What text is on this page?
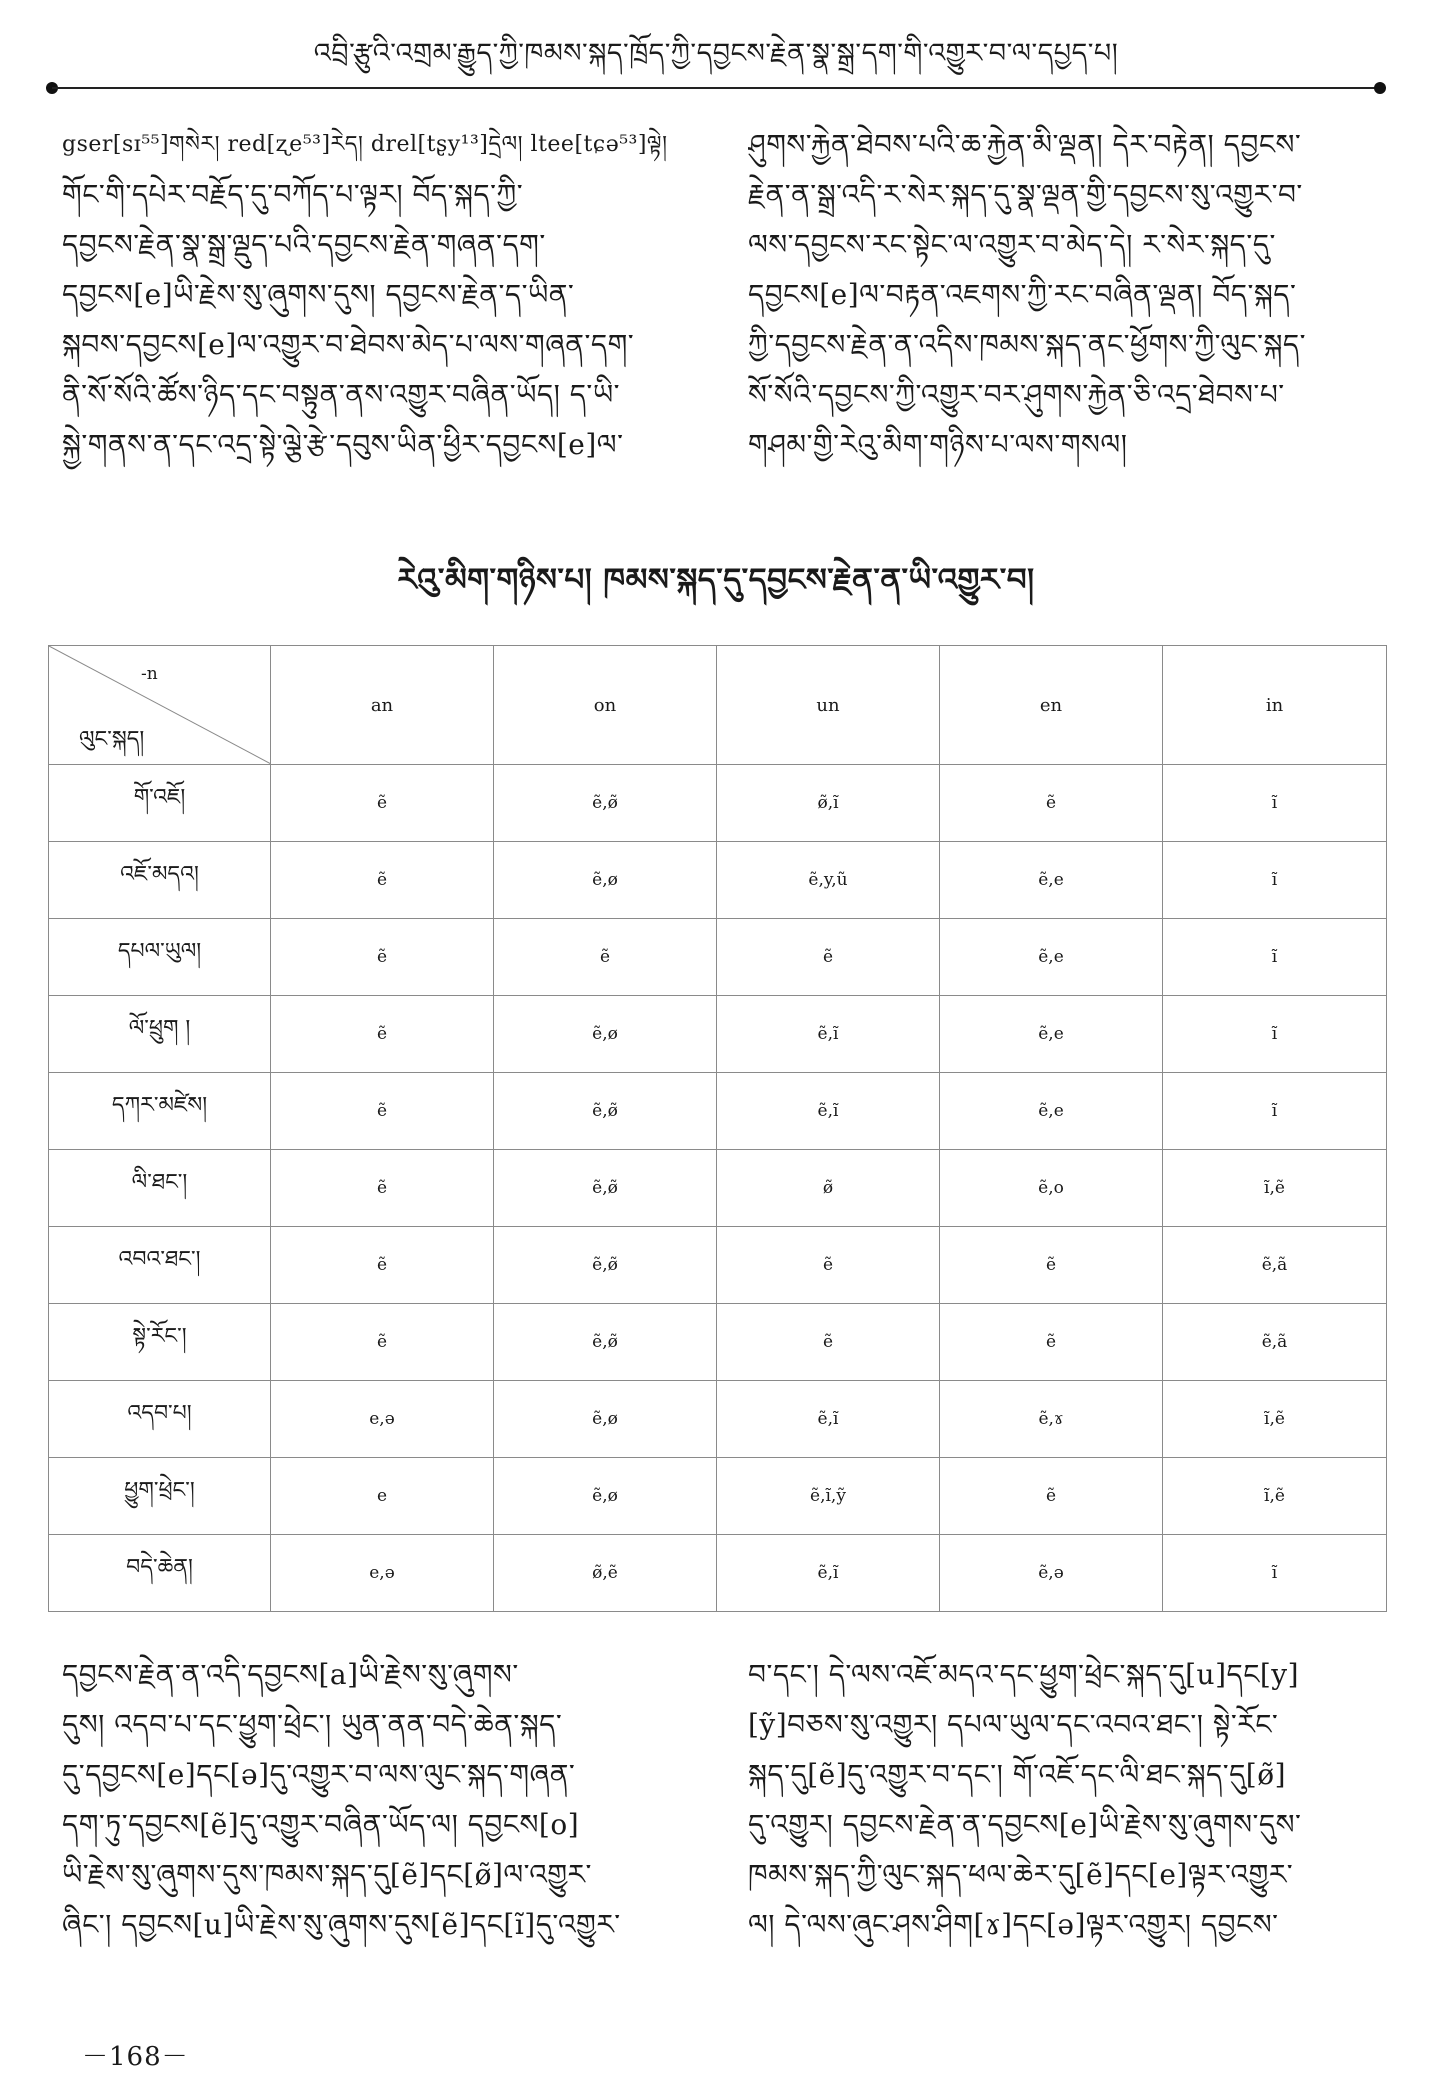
འབྲི་རྩུའི་འགྲམ་རྒྱུད་ཀྱི་ཁམས་སྐད་ཁྲོད་ཀྱི་དབྱངས་རྗེན་སྣ་སྒྲ་དག་གི་འགྱུར་བ་ལ་དཔྱད་པ།

gser[sɪ⁵⁵]གསེར། red[ʐe⁵³]རེད། drel[tʂy¹³]དྲེལ། ltee[tɕə⁵³]ལྟེ།

གོང་གི་དཔེར་བརྗོད་དུ་བཀོད་པ་ལྟར། བོད་སྐད་ཀྱི་

དབྱངས་རྗེན་སྣ་སྒྲ་ལྡུད་པའི་དབྱངས་རྗེན་གཞན་དག་

དབྱངས[e]ཡི་རྗེས་སུ་ཞུགས་དུས། དབྱངས་རྗེན་ད་ཡིན་

སྐབས་དབྱངས[e]ལ་འགྱུར་བ་ཐེབས་མེད་པ་ལས་གཞན་དག་

ནི་སོ་སོའི་ཚོས་ཉིད་དང་བསྟུན་ནས་འགྱུར་བཞིན་ཡོད། ད་ཡི་

སྐྱེ་གནས་ན་དང་འདྲ་སྟེ་ལྕེ་རྩེ་དབུས་ཡིན་ཕྱིར་དབྱངས[e]ལ་

ཤུགས་རྐྱེན་ཐེབས་པའི་ཆ་རྐྱེན་མི་ལྡན། དེར་བརྟེན། དབྱངས་

རྗེན་ན་སྒྲ་འདི་ར་སེར་སྐད་དུ་སྣ་ལྡན་གྱི་དབྱངས་སུ་འགྱུར་བ་

ལས་དབྱངས་རང་སྟེང་ལ་འགྱུར་བ་མེད་དེ། ར་སེར་སྐད་དུ་

དབྱངས[e]ལ་བརྟན་འཇགས་ཀྱི་རང་བཞིན་ལྡན། བོད་སྐད་

ཀྱི་དབྱངས་རྗེན་ན་འདིས་ཁམས་སྐད་ནང་ཕྱོགས་ཀྱི་ལུང་སྐད་

སོ་སོའི་དབྱངས་ཀྱི་འགྱུར་བར་ཤུགས་རྐྱེན་ཅི་འདྲ་ཐེབས་པ་

གཤམ་གྱི་རེའུ་མིག་གཉིས་པ་ལས་གསལ།

རེའུ་མིག་གཉིས་པ། ཁམས་སྐད་དུ་དབྱངས་རྗེན་ན་ཡི་འགྱུར་བ།
-n
ལུང་སྐད།	an	on	un	en	in
གོ་འཇོ།	ẽ	ẽ,ø̃	ø̃,ĩ	ẽ	ĩ
འཇོ་མདའ།	ẽ	ẽ,ø	ẽ,y,ũ	ẽ,e	ĩ
དཔལ་ཡུལ།	ẽ	ẽ	ẽ	ẽ,e	ĩ
ལོ་ཕྲུག །	ẽ	ẽ,ø	ẽ,ĩ	ẽ,e	ĩ
དཀར་མཛེས།	ẽ	ẽ,ø̃	ẽ,ĩ	ẽ,e	ĩ
ལི་ཐང་།	ẽ	ẽ,ø̃	ø̃	ẽ,o	ĩ,ẽ
འབའ་ཐང་།	ẽ	ẽ,ø̃	ẽ	ẽ	ẽ,ã
སྟེ་རོང་།	ẽ	ẽ,ø̃	ẽ	ẽ	ẽ,ã
འདབ་པ།	e,ə	ẽ,ø	ẽ,ĩ	ẽ,ɤ	ĩ,ẽ
ཕྱུག་ཕྲེང་།	e	ẽ,ø	ẽ,ĩ,ỹ	ẽ	ĩ,ẽ
བདེ་ཆེན།	e,ə	ø̃,ẽ	ẽ,ĩ	ẽ,ə	ĩ

དབྱངས་རྗེན་ན་འདི་དབྱངས[a]ཡི་རྗེས་སུ་ཞུགས་

དུས། འདབ་པ་དང་ཕྱུག་ཕྲེང་། ཡུན་ནན་བདེ་ཆེན་སྐད་

དུ་དབྱངས[e]དང[ə]དུ་འགྱུར་བ་ལས་ལུང་སྐད་གཞན་

དག་ཏུ་དབྱངས[ẽ]དུ་འགྱུར་བཞིན་ཡོད་ལ། དབྱངས[o]

ཡི་རྗེས་སུ་ཞུགས་དུས་ཁམས་སྐད་དུ[ẽ]དང[ø̃]ལ་འགྱུར་

ཞིང་། དབྱངས[u]ཡི་རྗེས་སུ་ཞུགས་དུས[ẽ]དང[ĩ]དུ་འགྱུར་

བ་དང་། དེ་ལས་འཇོ་མདའ་དང་ཕྱུག་ཕྲེང་སྐད་དུ[u]དང[y]

[ỹ]བཅས་སུ་འགྱུར། དཔལ་ཡུལ་དང་འབའ་ཐང་། སྟེ་རོང་

སྐད་དུ[ẽ]དུ་འགྱུར་བ་དང་། གོ་འཇོ་དང་ལི་ཐང་སྐད་དུ[ø̃]

དུ་འགྱུར། དབྱངས་རྗེན་ན་དབྱངས[e]ཡི་རྗེས་སུ་ཞུགས་དུས་

ཁམས་སྐད་ཀྱི་ལུང་སྐད་ཕལ་ཆེར་དུ[ẽ]དང[e]ལྟར་འགྱུར་

ལ། དེ་ལས་ཞུང་ཤས་ཤིག[ɤ]དང[ə]ལྟར་འགྱུར། དབྱངས་

－168－
